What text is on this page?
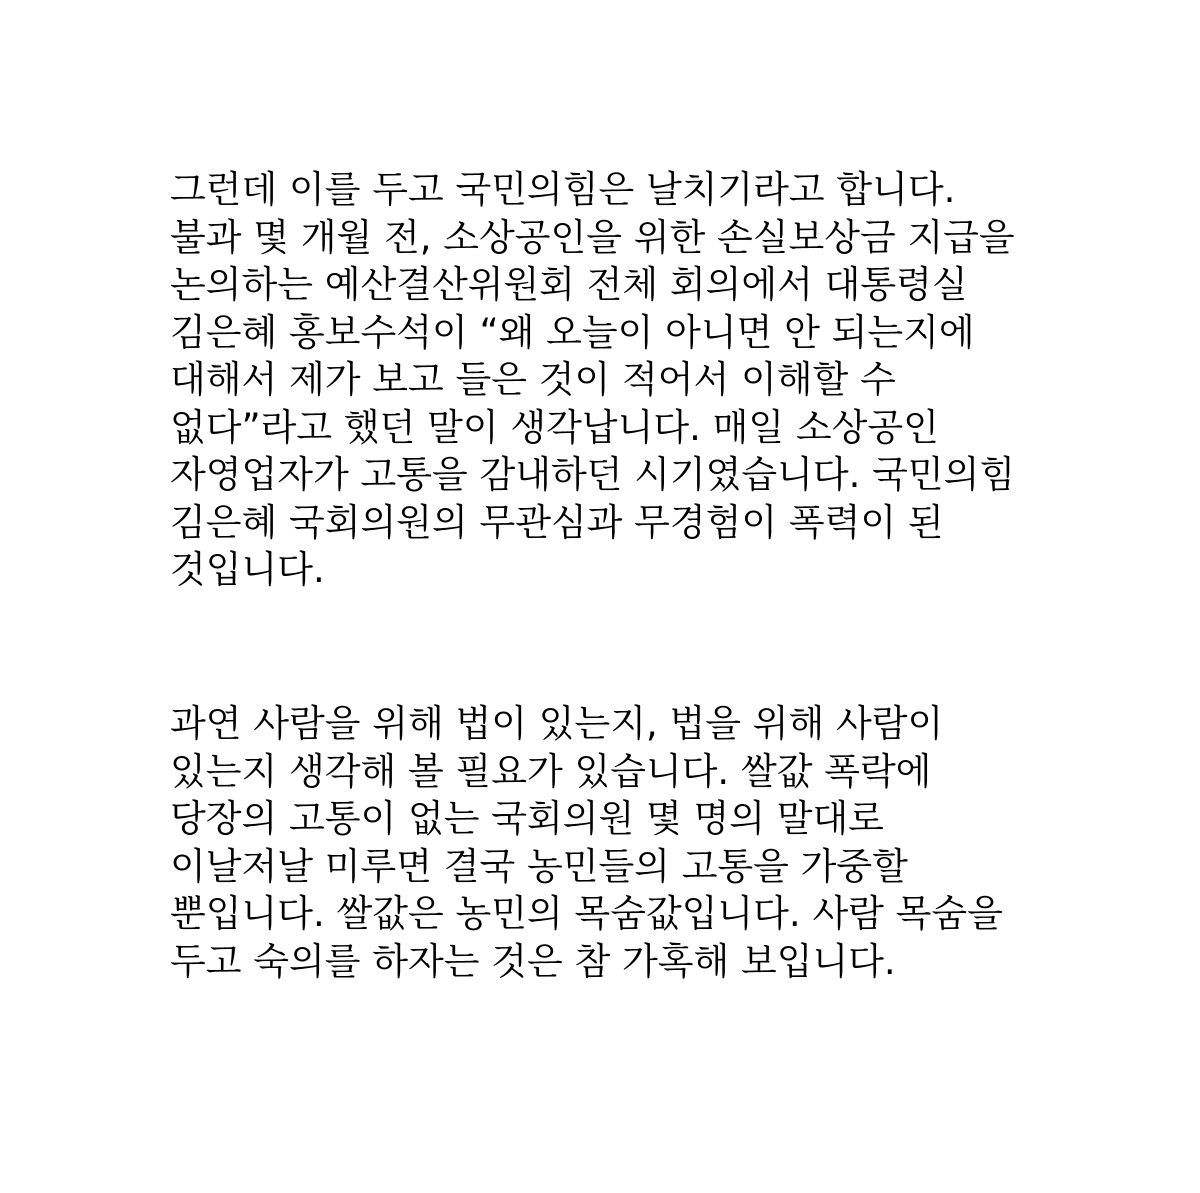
그런데 이를 두고 국민의힘은 날치기라고 합니다.
불과 몇 개월 전, 소상공인을 위한 손실보상금 지급을
논의하는 예산결산위원회 전체 회의에서 대통령실
김은혜 홍보수석이 “왜 오늘이 아니면 안 되는지에
대해서 제가 보고 들은 것이 적어서 이해할 수
없다”라고 했던 말이 생각납니다. 매일 소상공인
자영업자가 고통을 감내하던 시기였습니다. 국민의힘
김은혜 국회의원의 무관심과 무경험이 폭력이 된
것입니다.
과연 사람을 위해 법이 있는지, 법을 위해 사람이
있는지 생각해 볼 필요가 있습니다. 쌀값 폭락에
당장의 고통이 없는 국회의원 몇 명의 말대로
이날저날 미루면 결국 농민들의 고통을 가중할
뿐입니다. 쌀값은 농민의 목숨값입니다. 사람 목숨을
두고 숙의를 하자는 것은 참 가혹해 보입니다.
